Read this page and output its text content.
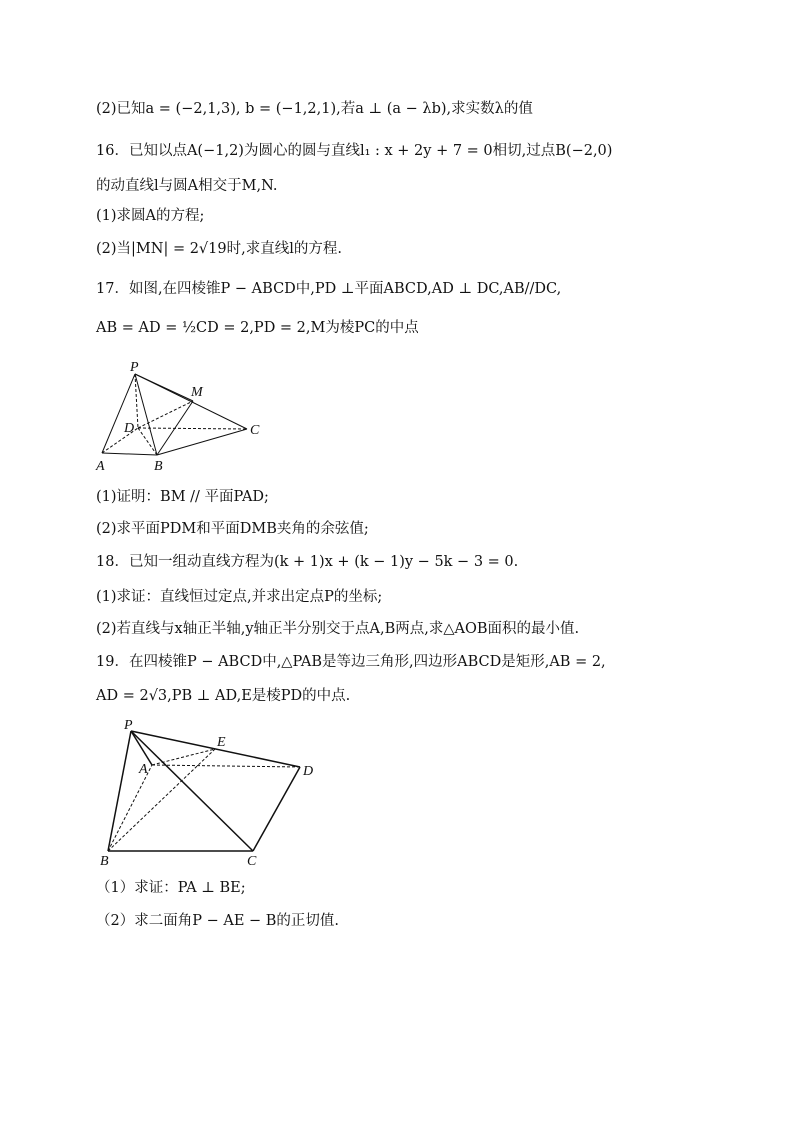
(2)已知a = (−2,1,3), b = (−1,2,1),若a ⊥ (a − λb),求实数λ的值
16．已知以点A(−1,2)为圆心的圆与直线l₁ : x + 2y + 7 = 0相切,过点B(−2,0)
的动直线l与圆A相交于M,N.
(1)求圆A的方程;
(2)当|MN| = 2√19时,求直线l的方程.
17．如图,在四棱锥P − ABCD中,PD ⊥平面ABCD,AD ⊥ DC,AB//DC,
AB = AD = ½CD = 2,PD = 2,M为棱PC的中点
P
M
D	C
A	B
(1)证明：BM // 平面PAD;
(2)求平面PDM和平面DMB夹角的余弦值;
18．已知一组动直线方程为(k + 1)x + (k − 1)y − 5k − 3 = 0.
(1)求证：直线恒过定点,并求出定点P的坐标;
(2)若直线与x轴正半轴,y轴正半分别交于点A,B两点,求△AOB面积的最小值.
19．在四棱锥P − ABCD中,△PAB是等边三角形,四边形ABCD是矩形,AB = 2,
AD = 2√3,PB ⊥ AD,E是棱PD的中点.
P
E
A	D
B	C
（1）求证：PA ⊥ BE;
（2）求二面角P − AE − B的正切值.
